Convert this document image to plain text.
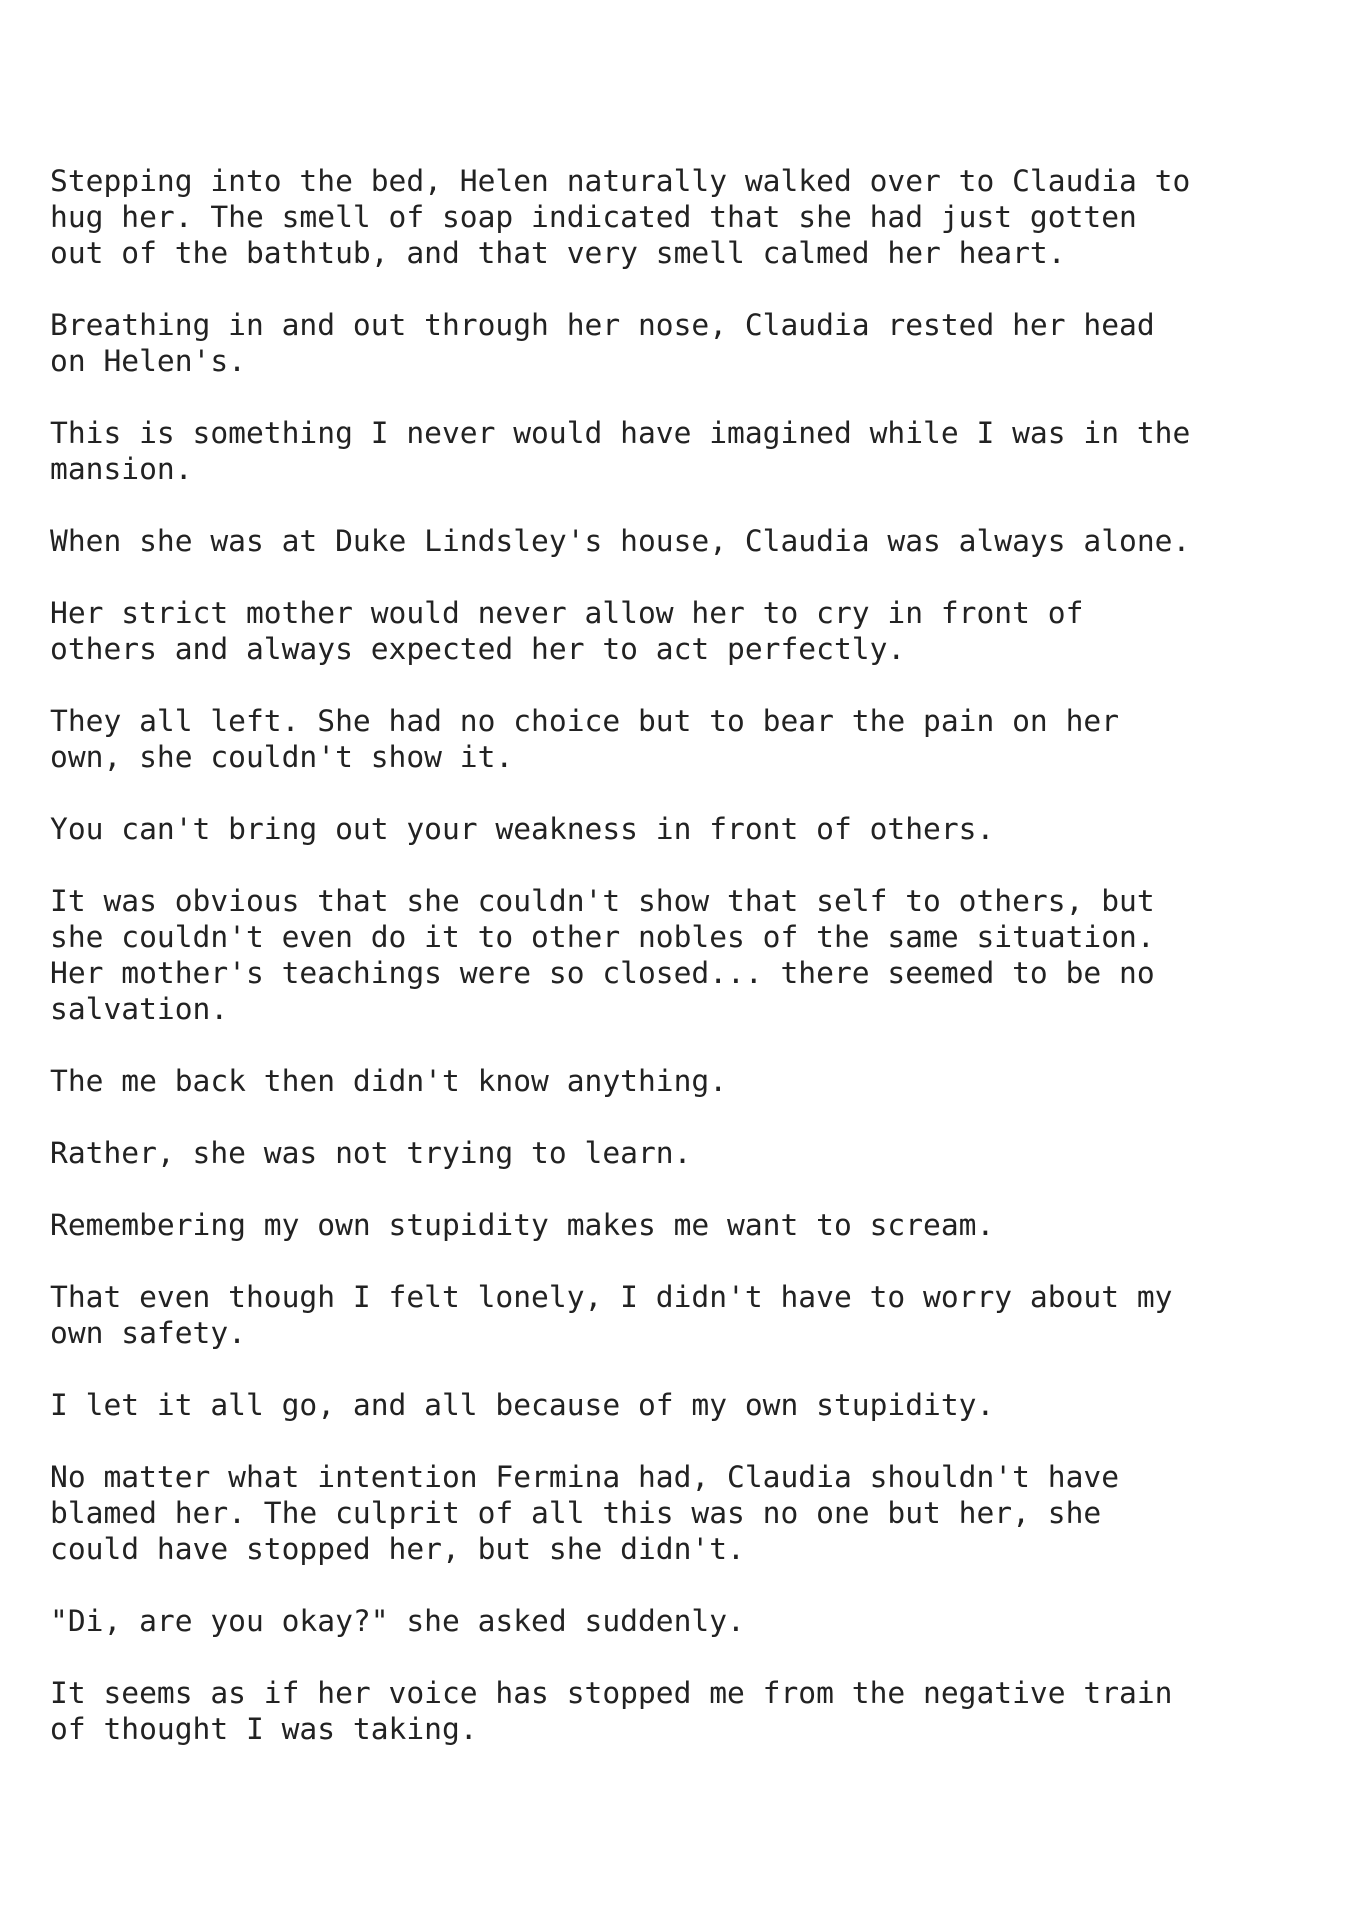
Stepping into the bed, Helen naturally walked over to Claudia to
hug her. The smell of soap indicated that she had just gotten
out of the bathtub, and that very smell calmed her heart.
Breathing in and out through her nose, Claudia rested her head
on Helen's.
This is something I never would have imagined while I was in the
mansion.
When she was at Duke Lindsley's house, Claudia was always alone.
Her strict mother would never allow her to cry in front of
others and always expected her to act perfectly.
They all left. She had no choice but to bear the pain on her
own, she couldn't show it.
You can't bring out your weakness in front of others.
It was obvious that she couldn't show that self to others, but
she couldn't even do it to other nobles of the same situation.
Her mother's teachings were so closed... there seemed to be no
salvation.
The me back then didn't know anything.
Rather, she was not trying to learn.
Remembering my own stupidity makes me want to scream.
That even though I felt lonely, I didn't have to worry about my
own safety.
I let it all go, and all because of my own stupidity.
No matter what intention Fermina had, Claudia shouldn't have
blamed her. The culprit of all this was no one but her, she
could have stopped her, but she didn't.
"Di, are you okay?" she asked suddenly.
It seems as if her voice has stopped me from the negative train
of thought I was taking.
